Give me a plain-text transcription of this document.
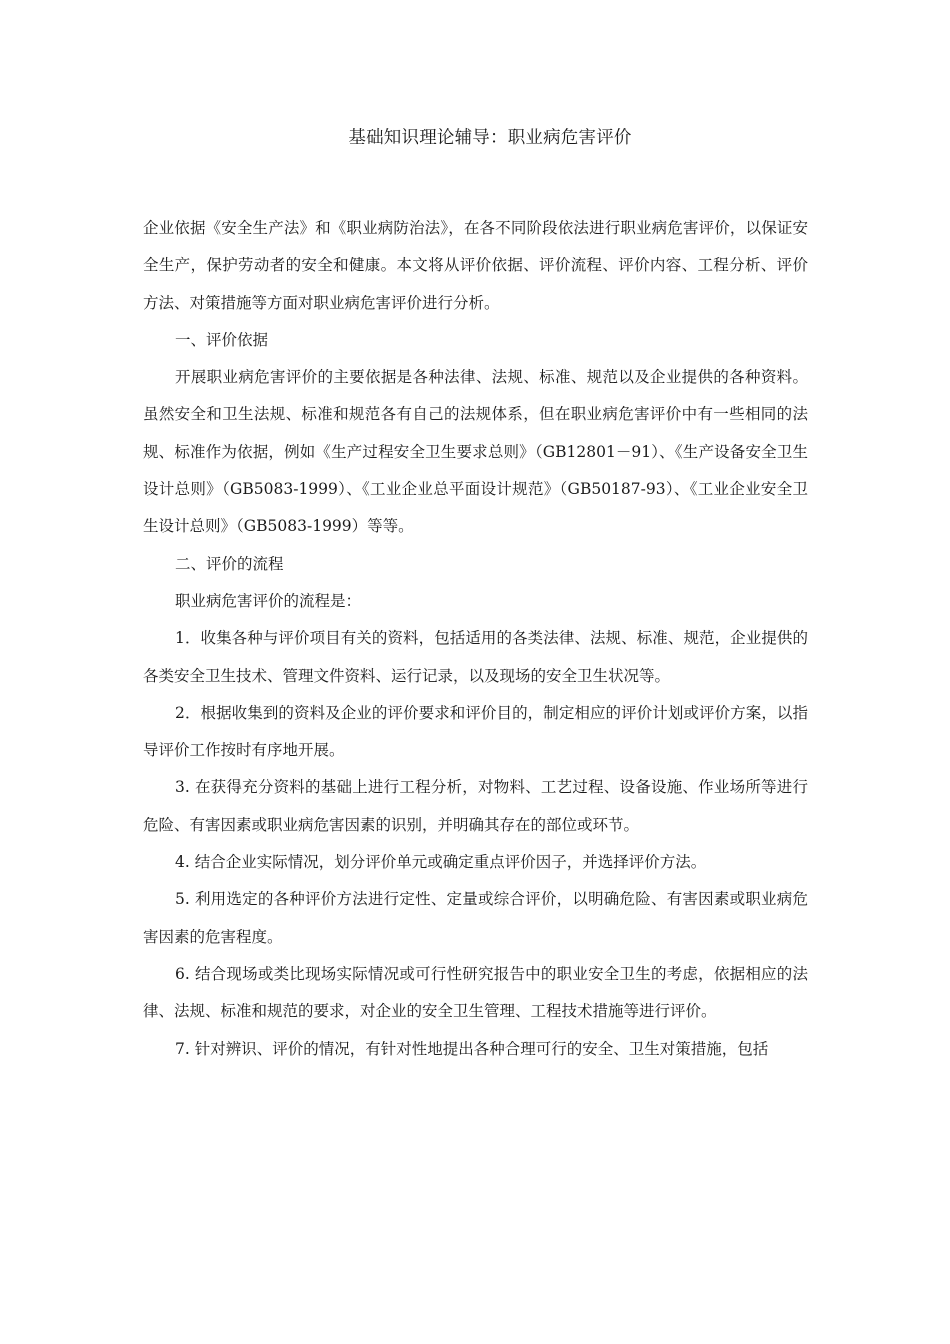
基础知识理论辅导：职业病危害评价

企业依据《安全生产法》和《职业病防治法》，在各不同阶段依法进行职业病危害评价，以保证安全生产，保护劳动者的安全和健康。本文将从评价依据、评价流程、评价内容、工程分析、评价方法、对策措施等方面对职业病危害评价进行分析。

一、评价依据

开展职业病危害评价的主要依据是各种法律、法规、标准、规范以及企业提供的各种资料。虽然安全和卫生法规、标准和规范各有自己的法规体系，但在职业病危害评价中有一些相同的法规、标准作为依据，例如《生产过程安全卫生要求总则》（GB12801－91）、《生产设备安全卫生设计总则》（GB5083-1999）、《工业企业总平面设计规范》（GB50187-93）、《工业企业安全卫生设计总则》（GB5083-1999）等等。

二、评价的流程

职业病危害评价的流程是：

1．收集各种与评价项目有关的资料，包括适用的各类法律、法规、标准、规范，企业提供的各类安全卫生技术、管理文件资料、运行记录，以及现场的安全卫生状况等。

2．根据收集到的资料及企业的评价要求和评价目的，制定相应的评价计划或评价方案，以指导评价工作按时有序地开展。

3. 在获得充分资料的基础上进行工程分析，对物料、工艺过程、设备设施、作业场所等进行危险、有害因素或职业病危害因素的识别，并明确其存在的部位或环节。

4. 结合企业实际情况，划分评价单元或确定重点评价因子，并选择评价方法。

5. 利用选定的各种评价方法进行定性、定量或综合评价，以明确危险、有害因素或职业病危害因素的危害程度。

6. 结合现场或类比现场实际情况或可行性研究报告中的职业安全卫生的考虑，依据相应的法律、法规、标准和规范的要求，对企业的安全卫生管理、工程技术措施等进行评价。

7. 针对辨识、评价的情况，有针对性地提出各种合理可行的安全、卫生对策措施，包括
